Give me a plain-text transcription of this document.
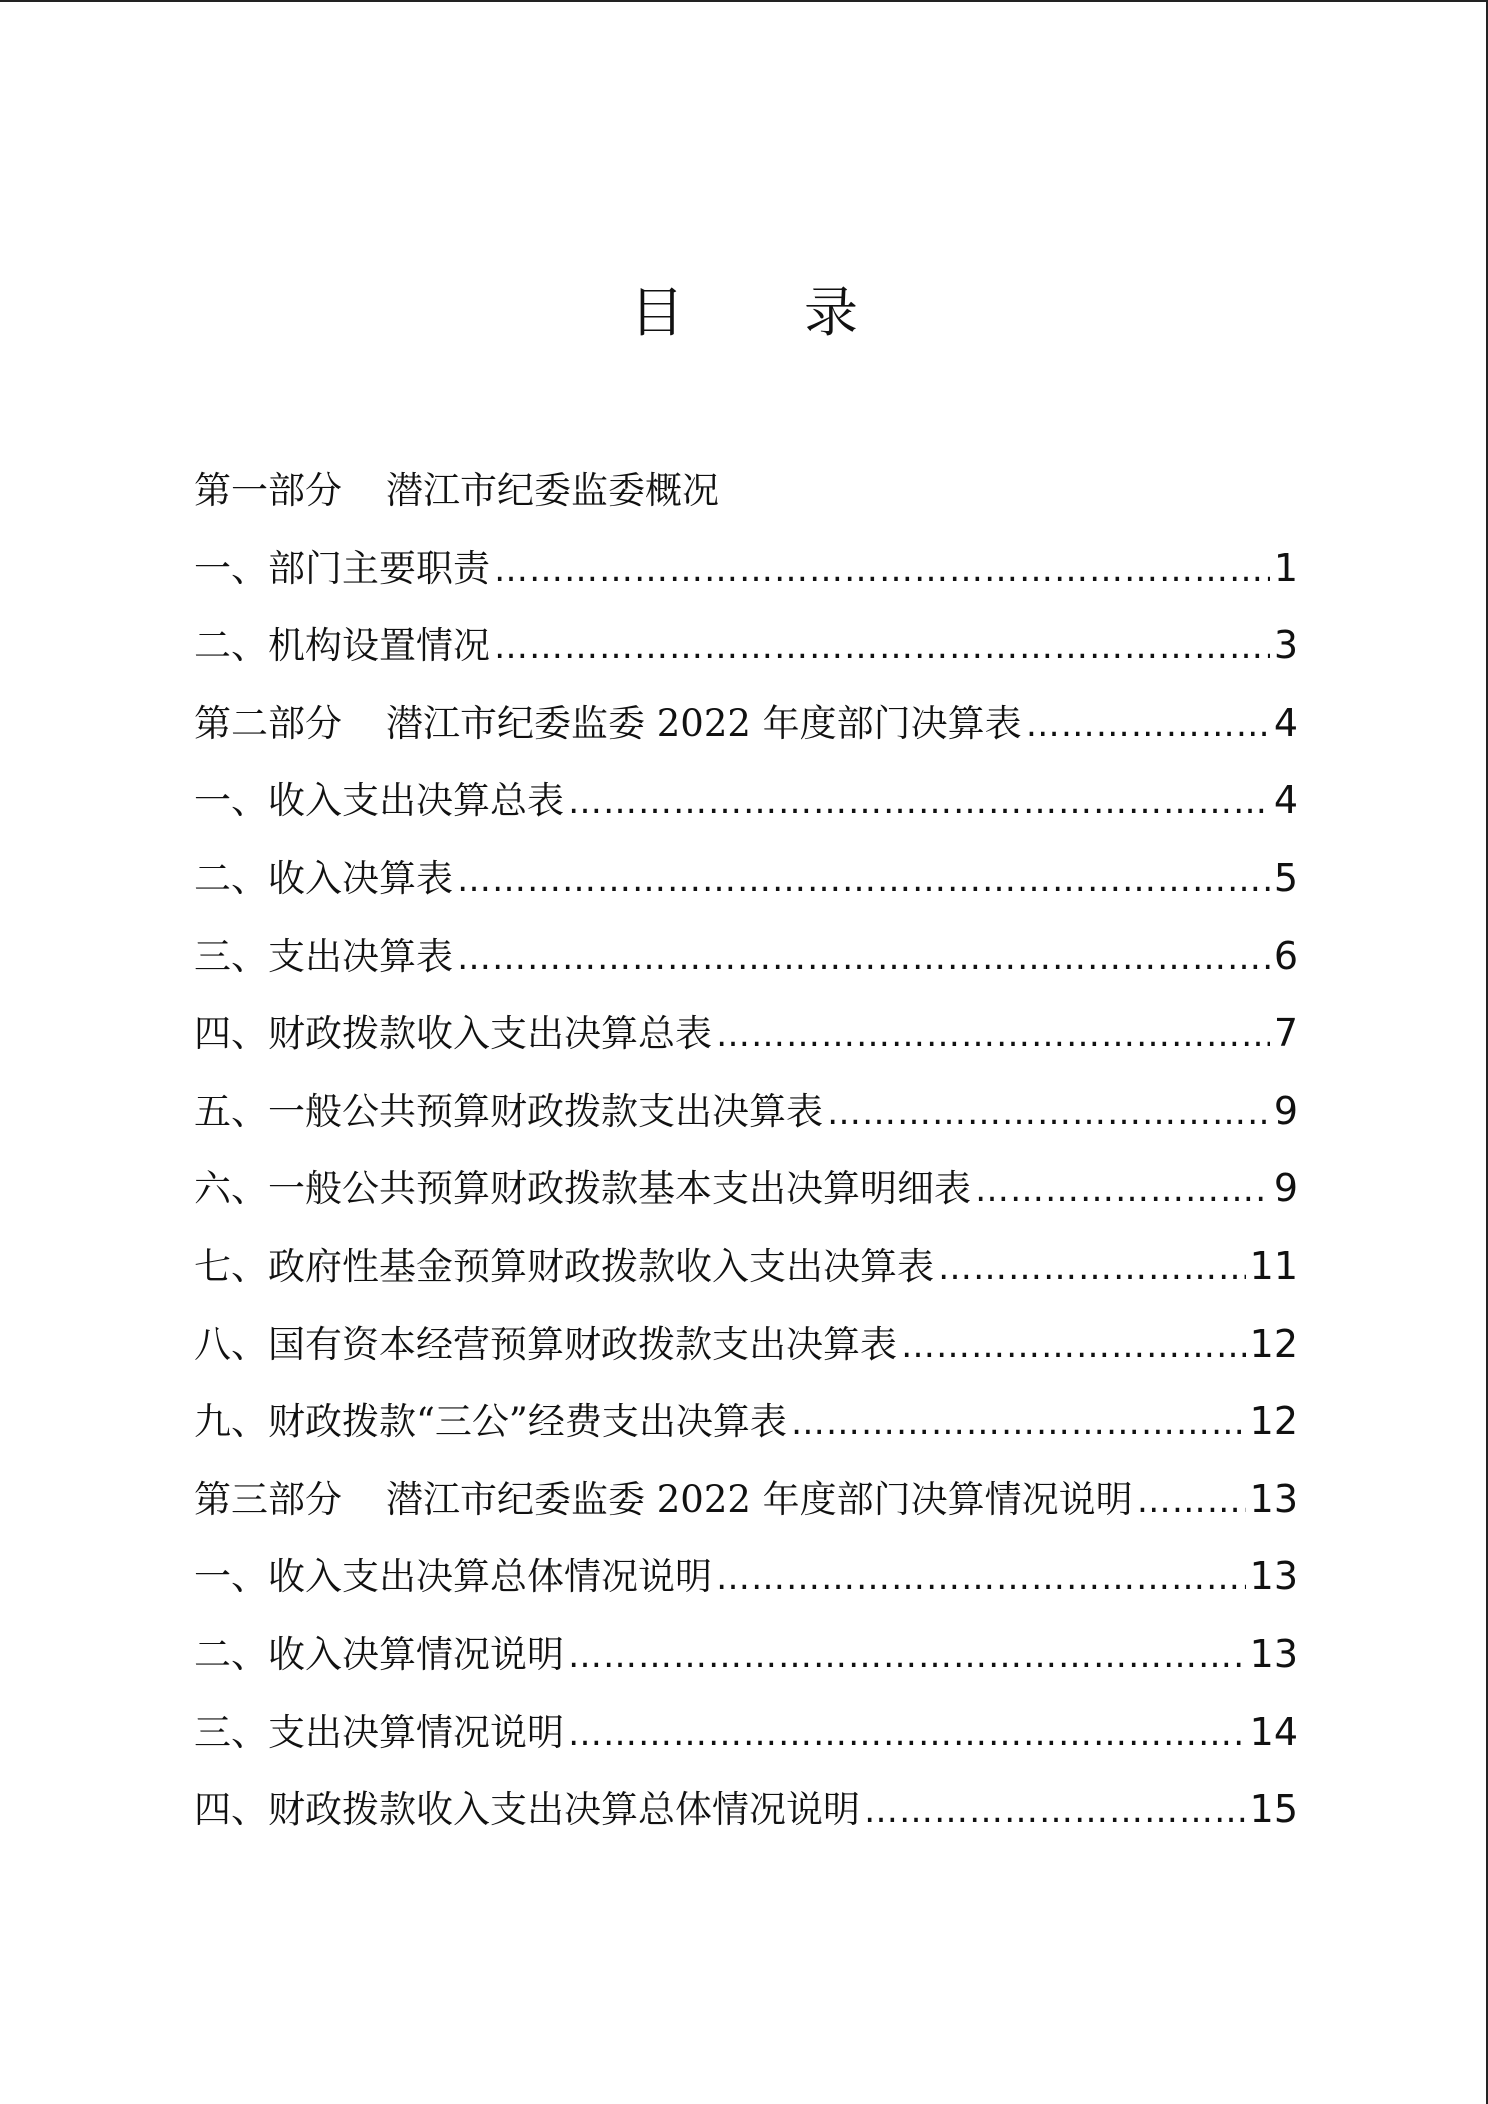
目 录
第一部分 潜江市纪委监委概况
一、部门主要职责 …………………………………………………………………………………………………………………………………………	1
二、机构设置情况 …………………………………………………………………………………………………………………………………………	3
第二部分 潜江市纪委监委 2022 年度部门决算表 …………………………………………………………………………………………………………………………………………	4
一、收入支出决算总表 …………………………………………………………………………………………………………………………………………	4
二、收入决算表 …………………………………………………………………………………………………………………………………………	5
三、支出决算表 …………………………………………………………………………………………………………………………………………	6
四、财政拨款收入支出决算总表 …………………………………………………………………………………………………………………………………………	7
五、一般公共预算财政拨款支出决算表 …………………………………………………………………………………………………………………………………………	9
六、一般公共预算财政拨款基本支出决算明细表 …………………………………………………………………………………………………………………………………………	9
七、政府性基金预算财政拨款收入支出决算表 …………………………………………………………………………………………………………………………………………	11
八、国有资本经营预算财政拨款支出决算表 …………………………………………………………………………………………………………………………………………	12
九、财政拨款“三公”经费支出决算表 …………………………………………………………………………………………………………………………………………	12
第三部分 潜江市纪委监委 2022 年度部门决算情况说明 …………………………………………………………………………………………………………………………………………	13
一、收入支出决算总体情况说明 …………………………………………………………………………………………………………………………………………	13
二、收入决算情况说明 …………………………………………………………………………………………………………………………………………	13
三、支出决算情况说明 …………………………………………………………………………………………………………………………………………	14
四、财政拨款收入支出决算总体情况说明 …………………………………………………………………………………………………………………………………………	15
